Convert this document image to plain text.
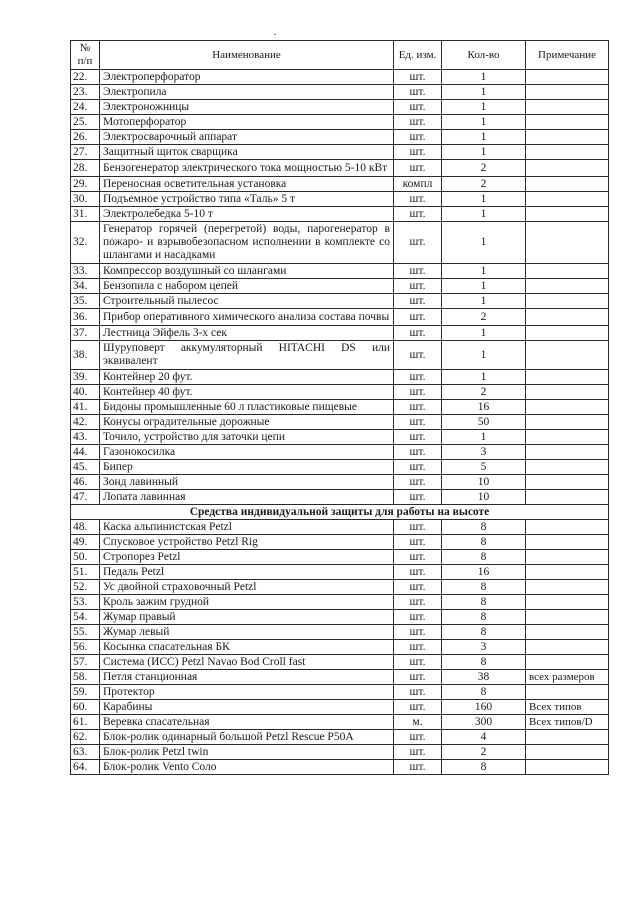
№ п/п	Наименование	Ед. изм.	Кол-во	Примечание
22.	Электроперфоратор	шт.	1	
23.	Электропила	шт.	1	
24.	Электроножницы	шт.	1	
25.	Мотоперфоратор	шт.	1	
26.	Электросварочный аппарат	шт.	1	
27.	Защитный щиток сварщика	шт.	1	
28.	Бензогенератор электрического тока мощностью 5-10 кВт	шт.	2	
29.	Переносная осветительная установка	компл	2	
30.	Подъемное устройство типа «Таль» 5 т	шт.	1	
31.	Электролебедка 5-10 т	шт.	1	
32.	Генератор горячей (перегретой) воды, парогенератор в пожаро- и взрывобезопасном исполнении в комплекте со шлангами и насадками	шт.	1	
33.	Компрессор воздушный со шлангами	шт.	1	
34.	Бензопила с набором цепей	шт.	1	
35.	Строительный пылесос	шт.	1	
36.	Прибор оперативного химического анализа состава почвы	шт.	2	
37.	Лестница Эйфель 3-х сек	шт.	1	
38.	Шуруповерт аккумуляторный HITACHI DS или эквивалент	шт.	1	
39.	Контейнер 20 фут.	шт.	1	
40.	Контейнер 40 фут.	шт.	2	
41.	Бидоны промышленные 60 л пластиковые пищевые	шт.	16	
42.	Конусы оградительные дорожные	шт.	50	
43.	Точило, устройство для заточки цепи	шт.	1	
44.	Газонокосилка	шт.	3	
45.	Бипер	шт.	5	
46.	Зонд лавинный	шт.	10	
47.	Лопата лавинная	шт.	10	
Средства индивидуальной защиты для работы на высоте				
48.	Каска альпинистская Petzl	шт.	8	
49.	Спусковое устройство Petzl Rig	шт.	8	
50.	Стропорез Petzl	шт.	8	
51.	Педаль Petzl	шт.	16	
52.	Ус двойной страховочный Petzl	шт.	8	
53.	Кроль зажим грудной	шт.	8	
54.	Жумар правый	шт.	8	
55.	Жумар левый	шт.	8	
56.	Косынка спасательная БК	шт.	3	
57.	Система (ИСС) Petzl Navao Bod Croll fast	шт.	8	
58.	Петля станционная	шт.	38	всех размеров
59.	Протектор	шт.	8	
60.	Карабины	шт.	160	Всех типов
61.	Веревка спасательная	м.	300	Всех типов/D
62.	Блок-ролик одинарный большой Petzl Rescue P50A	шт.	4	
63.	Блок-ролик Petzl twin	шт.	2	
64.	Блок-ролик Vento Соло	шт.	8	
